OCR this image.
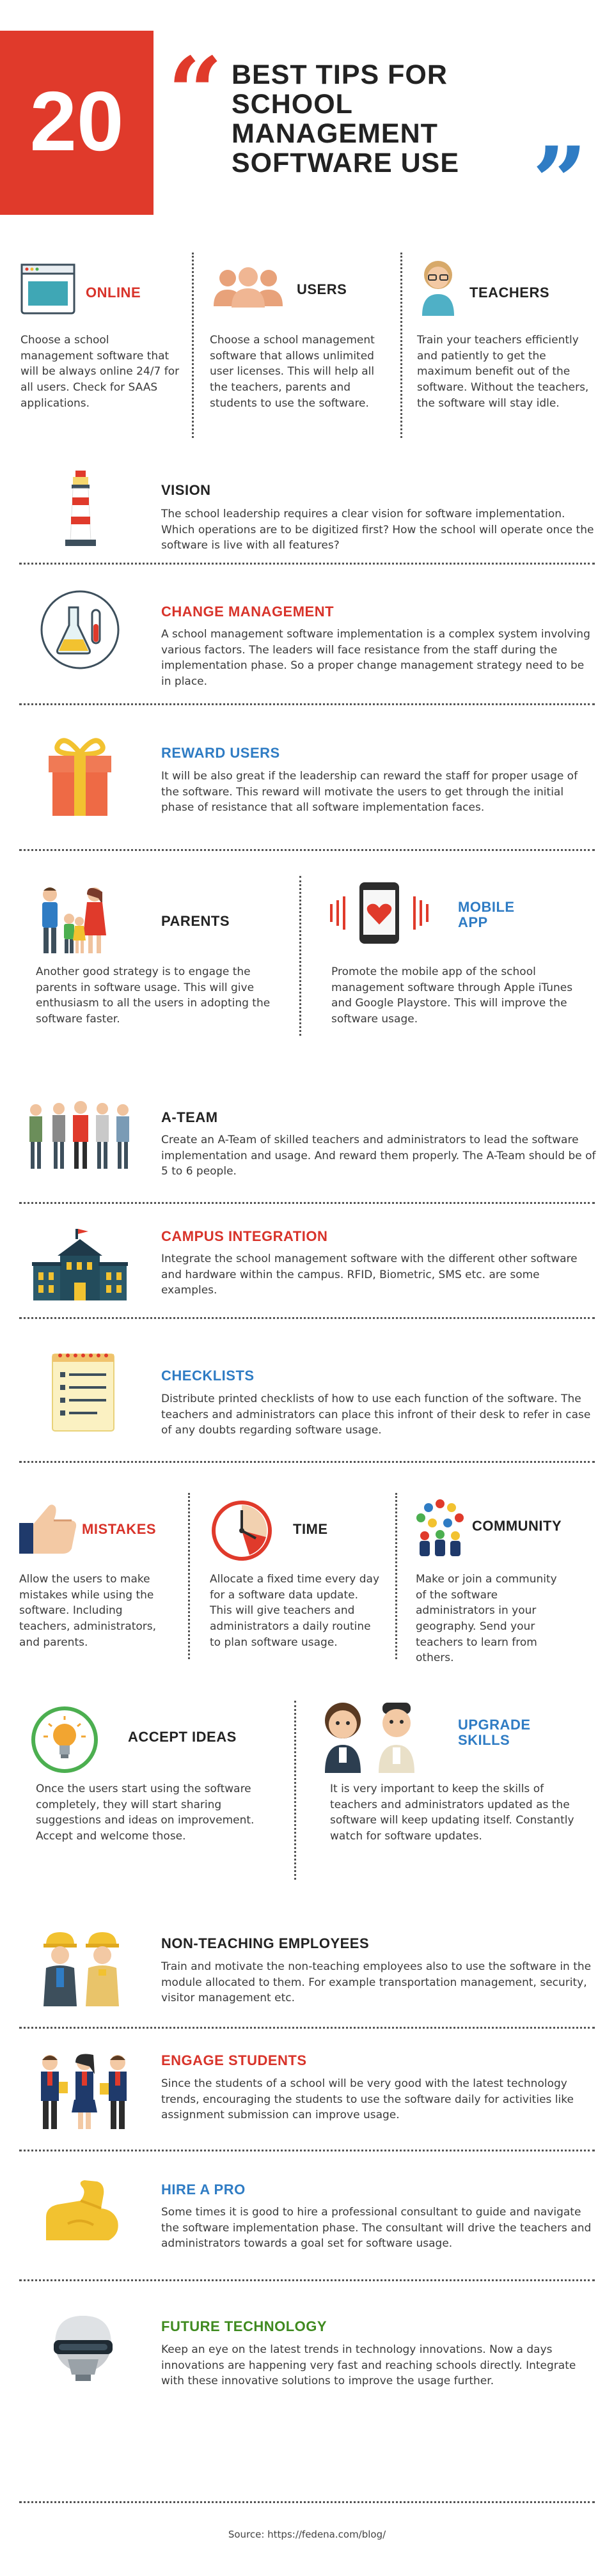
20 “ BEST TIPS FOR
SCHOOL
MANAGEMENT
SOFTWARE USE ”
ONLINE
Choose a school management software that will be always online 24/7 for all users. Check for SAAS applications.
USERS
Choose a school management software that allows unlimited user licenses. This will help all the teachers, parents and students to use the software.
TEACHERS
Train your teachers efficiently and patiently to get the maximum benefit out of the software. Without the teachers, the software will stay idle.
VISION
The school leadership requires a clear vision for software implementation. Which operations are to be digitized first? How the school will operate once the software is live with all features?
CHANGE MANAGEMENT
A school management software implementation is a complex system involving various factors. The leaders will face resistance from the staff during the implementation phase. So a proper change management strategy need to be in place.
REWARD USERS
It will be also great if the leadership can reward the staff for proper usage of the software. This reward will motivate the users to get through the initial phase of resistance that all software implementation faces.
PARENTS
Another good strategy is to engage the parents in software usage. This will give enthusiasm to all the users in adopting the software faster.
MOBILE
APP
Promote the mobile app of the school management software through Apple iTunes and Google Playstore. This will improve the software usage.
A-TEAM
Create an A-Team of skilled teachers and administrators to lead the software implementation and usage. And reward them properly. The A-Team should be of 5 to 6 people.
CAMPUS INTEGRATION
Integrate the school management software with the different other software and hardware within the campus. RFID, Biometric, SMS etc. are some examples.
CHECKLISTS
Distribute printed checklists of how to use each function of the software. The teachers and administrators can place this infront of their desk to refer in case of any doubts regarding software usage.
MISTAKES
Allow the users to make mistakes while using the software. Including teachers, administrators, and parents.
TIME
Allocate a fixed time every day for a software data update. This will give teachers and administrators a daily routine to plan software usage.
COMMUNITY
Make or join a community of the software administrators in your geography. Send your teachers to learn from others.
ACCEPT IDEAS
Once the users start using the software completely, they will start sharing suggestions and ideas on improvement. Accept and welcome those.
UPGRADE
SKILLS
It is very important to keep the skills of teachers and administrators updated as the software will keep updating itself. Constantly watch for software updates.
NON-TEACHING EMPLOYEES
Train and motivate the non-teaching employees also to use the software in the module allocated to them. For example transportation management, security, visitor management etc.
ENGAGE STUDENTS
Since the students of a school will be very good with the latest technology trends, encouraging the students to use the software daily for activities like assignment submission can improve usage.
HIRE A PRO
Some times it is good to hire a professional consultant to guide and navigate the software implementation phase. The consultant will drive the teachers and administrators towards a goal set for software usage.
FUTURE TECHNOLOGY
Keep an eye on the latest trends in technology innovations. Now a days innovations are happening very fast and reaching schools directly. Integrate with these innovative solutions to improve the usage further.
Source: https://fedena.com/blog/
